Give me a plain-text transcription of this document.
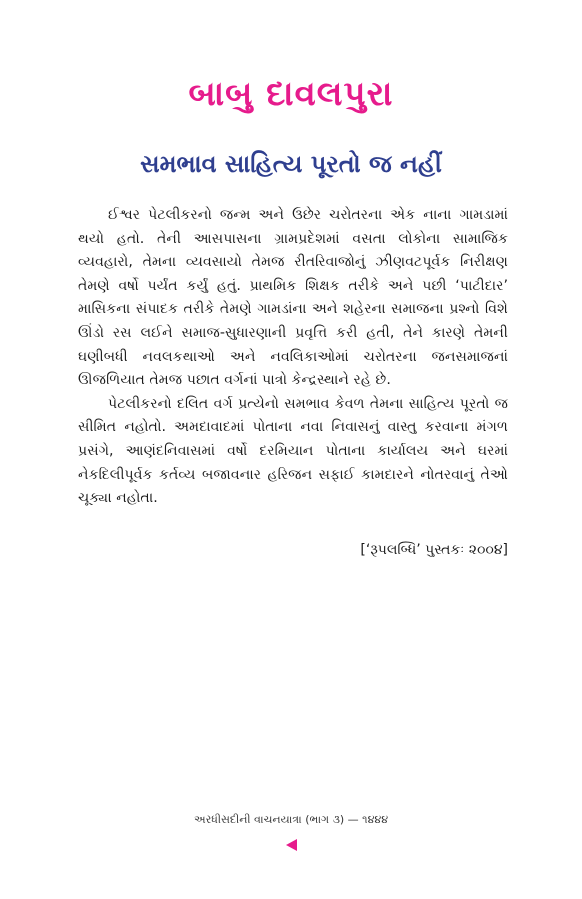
બાબુ દાવલપુરા
સમભાવ સાહિત્ય પૂરતો જ નહીં

ઈશ્વર પેટલીકરનો જન્મ અને ઉછેર ચરોતરના એક નાના ગામડામાં થયો હતો. તેની આસપાસના ગ્રામપ્રદેશમાં વસતા લોકોના સામાજિક વ્યવહારો, તેમના વ્યવસાયો તેમજ રીતરિવાજોનું ઝીણવટપૂર્વક નિરીક્ષણ તેમણે વર્ષો પર્યંત કર્યું હતું. પ્રાથમિક શિક્ષક તરીકે અને પછી ‘પાટીદાર’ માસિકના સંપાદક તરીકે તેમણે ગામડાંના અને શહેરના સમાજના પ્રશ્નો વિશે ઊંડો રસ લઈને સમાજ-સુધારણાની પ્રવૃત્તિ કરી હતી, તેને કારણે તેમની ઘણીબધી નવલકથાઓ અને નવલિકાઓમાં ચરોતરના જનસમાજનાં ઊજળિયાત તેમજ પછાત વર્ગનાં પાત્રો કેન્દ્રસ્થાને રહે છે.

પેટલીકરનો દલિત વર્ગ પ્રત્યેનો સમભાવ કેવળ તેમના સાહિત્ય પૂરતો જ સીમિત નહોતો. અમદાવાદમાં પોતાના નવા નિવાસનું વાસ્તુ કરવાના મંગળ પ્રસંગે, આણંદનિવાસમાં વર્ષો દરમિયાન પોતાના કાર્યાલય અને ઘરમાં નેકદિલીપૂર્વક કર્તવ્ય બજાવનાર હરિજન સફાઈ કામદારને નોતરવાનું તેઓ ચૂક્યા નહોતા.

[‘રૂપલબ્ધિ’ પુસ્તકઃ ૨૦૦૪]
અરધીસદીની વાચનયાત્રા (ભાગ ૩) — ૧૪૪૪
